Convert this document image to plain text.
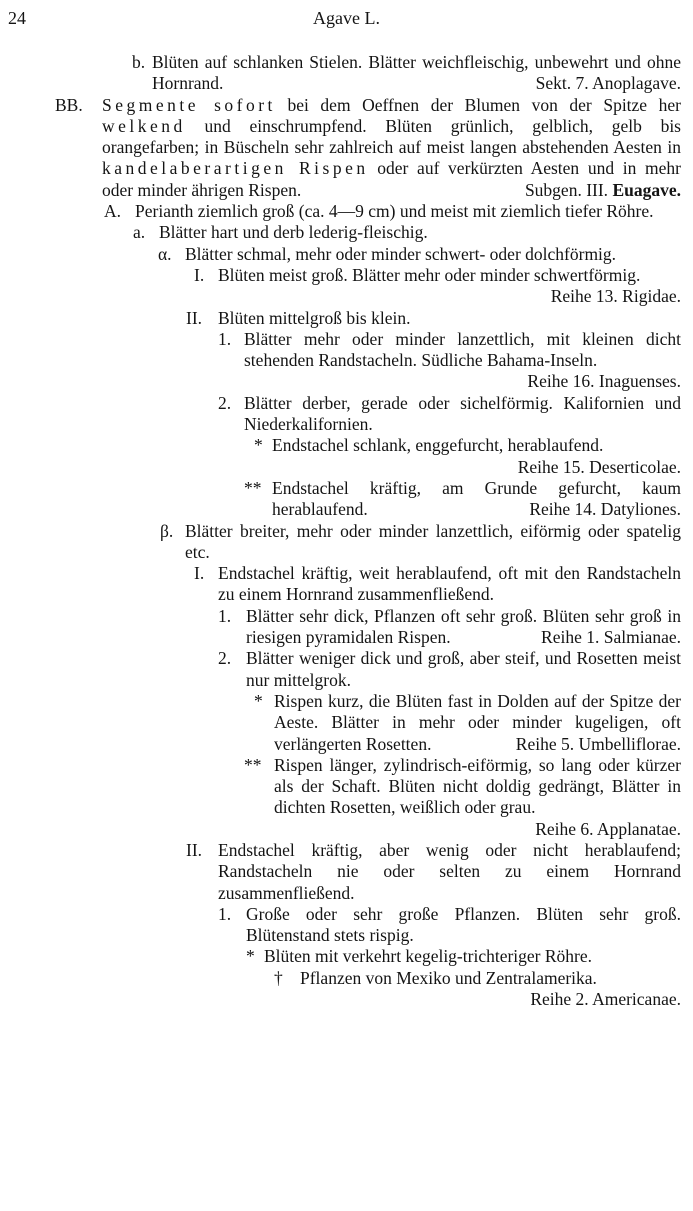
24	Agave L.
b. Blüten auf schlanken Stielen. Blätter weichfleischig, unbewehrt und ohne Hornrand.	Sekt. 7. Anoplagave.
BB. Segmente sofort bei dem Oeffnen der Blumen von der Spitze her welkend und einschrumpfend. Blüten grünlich, gelblich, gelb bis orangefarben; in Büscheln sehr zahlreich auf meist langen abstehenden Aesten in kandelaberartigen Rispen oder auf verkürzten Aesten und in mehr oder minder ährigen Rispen.	Subgen. III. Euagave.
A. Perianth ziemlich groß (ca. 4—9 cm) und meist mit ziemlich tiefer Röhre.
a. Blätter hart und derb lederig-fleischig.
α. Blätter schmal, mehr oder minder schwert- oder dolchförmig.
I. Blüten meist groß. Blätter mehr oder minder schwertförmig.
Reihe 13. Rigidae.
II. Blüten mittelgroß bis klein.
1. Blätter mehr oder minder lanzettlich, mit kleinen dicht stehenden Randstacheln. Südliche Bahama-Inseln.
Reihe 16. Inaguenses.
2. Blätter derber, gerade oder sichelförmig. Kalifornien und Niederkalifornien.
* Endstachel schlank, enggefurcht, herablaufend.
Reihe 15. Deserticolae.
** Endstachel kräftig, am Grunde gefurcht, kaum herablaufend.	Reihe 14. Datyliones.
β. Blätter breiter, mehr oder minder lanzettlich, eiförmig oder spatelig etc.
I. Endstachel kräftig, weit herablaufend, oft mit den Randstacheln zu einem Hornrand zusammenfließend.
1. Blätter sehr dick, Pflanzen oft sehr groß. Blüten sehr groß in riesigen pyramidalen Rispen.	Reihe 1. Salmianae.
2. Blätter weniger dick und groß, aber steif, und Rosetten meist nur mittelgrok.
* Rispen kurz, die Blüten fast in Dolden auf der Spitze der Aeste. Blätter in mehr oder minder kugeligen, oft verlängerten Rosetten.	Reihe 5. Umbelliflorae.
** Rispen länger, zylindrisch-eiförmig, so lang oder kürzer als der Schaft. Blüten nicht doldig gedrängt, Blätter in dichten Rosetten, weißlich oder grau.
Reihe 6. Applanatae.
II. Endstachel kräftig, aber wenig oder nicht herablaufend; Randstacheln nie oder selten zu einem Hornrand zusammenfließend.
1. Große oder sehr große Pflanzen. Blüten sehr groß. Blütenstand stets rispig.
* Blüten mit verkehrt kegelig-trichteriger Röhre.
† Pflanzen von Mexiko und Zentralamerika.
Reihe 2. Americanae.
